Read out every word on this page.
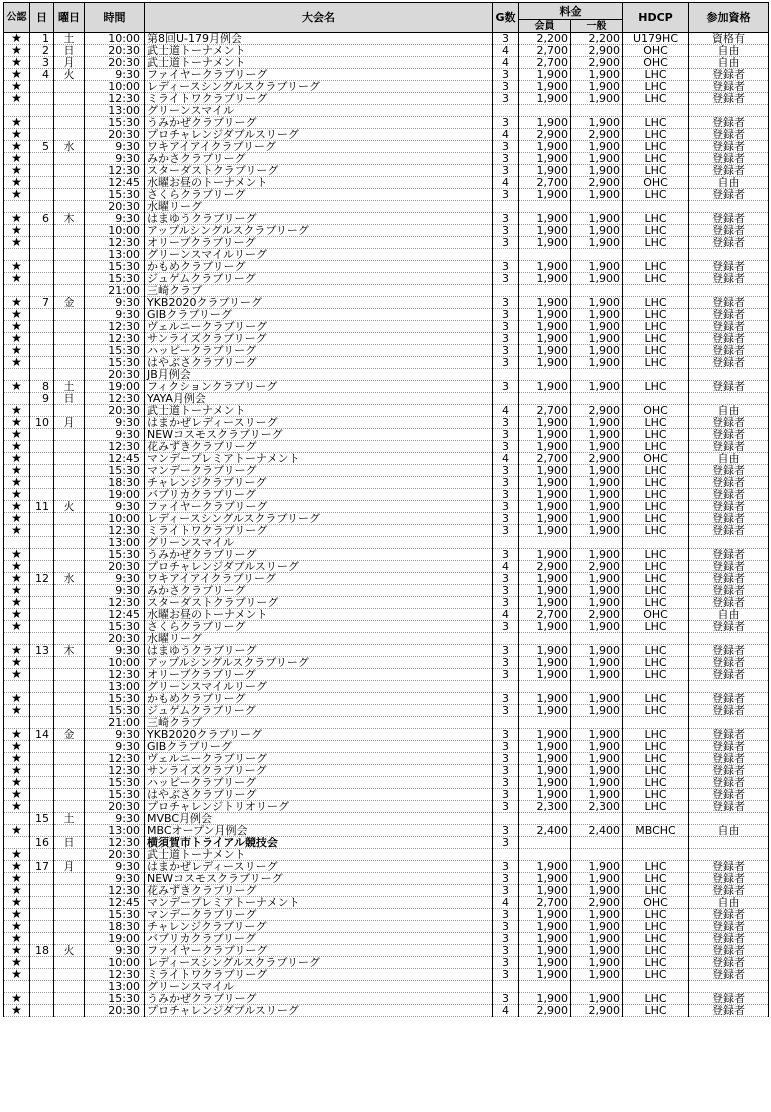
公認	日	曜日	時間	大会名	G数	料金		HDCP	参加資格
						会員	一般		
★	1	土	10:00	第8回U-179月例会	3	2,200	2,200	U179HC	資格有
★	2	日	20:30	武士道トーナメント	4	2,700	2,900	OHC	自由
★	3	月	20:30	武士道トーナメント	4	2,700	2,900	OHC	自由
★	4	火	9:30	ファイヤークラブリーグ	3	1,900	1,900	LHC	登録者
★			10:00	レディースシングルスクラブリーグ	3	1,900	1,900	LHC	登録者
★			12:30	ミライトワクラブリーグ	3	1,900	1,900	LHC	登録者
			13:00	グリーンスマイル					
★			15:30	うみかぜクラブリーグ	3	1,900	1,900	LHC	登録者
★			20:30	プロチャレンジダブルスリーグ	4	2,900	2,900	LHC	登録者
★	5	水	9:30	ワキアイアイクラブリーグ	3	1,900	1,900	LHC	登録者
★			9:30	みかさクラブリーグ	3	1,900	1,900	LHC	登録者
★			12:30	スターダストクラブリーグ	3	1,900	1,900	LHC	登録者
★			12:45	水曜お昼のトーナメント	4	2,700	2,900	OHC	自由
★			15:30	さくらクラブリーグ	3	1,900	1,900	LHC	登録者
			20:30	水曜リーグ					
★	6	木	9:30	はまゆうクラブリーグ	3	1,900	1,900	LHC	登録者
★			10:00	アップルシングルスクラブリーグ	3	1,900	1,900	LHC	登録者
★			12:30	オリーブクラブリーグ	3	1,900	1,900	LHC	登録者
			13:00	グリーンスマイルリーグ					
★			15:30	かもめクラブリーグ	3	1,900	1,900	LHC	登録者
★			15:30	ジュゲムクラブリーグ	3	1,900	1,900	LHC	登録者
			21:00	三崎クラブ					
★	7	金	9:30	YKB2020クラブリーグ	3	1,900	1,900	LHC	登録者
★			9:30	GIBクラブリーグ	3	1,900	1,900	LHC	登録者
★			12:30	ヴェルニークラブリーグ	3	1,900	1,900	LHC	登録者
★			12:30	サンライズクラブリーグ	3	1,900	1,900	LHC	登録者
★			15:30	ハッピークラブリーグ	3	1,900	1,900	LHC	登録者
★			15:30	はやぶさクラブリーグ	3	1,900	1,900	LHC	登録者
			20:30	JB月例会					
★	8	土	19:00	フィクションクラブリーグ	3	1,900	1,900	LHC	登録者
	9	日	12:30	YAYA月例会					
★			20:30	武士道トーナメント	4	2,700	2,900	OHC	自由
★	10	月	9:30	はまかぜレディースリーグ	3	1,900	1,900	LHC	登録者
★			9:30	NEWコスモスクラブリーグ	3	1,900	1,900	LHC	登録者
★			12:30	花みずきクラブリーグ	3	1,900	1,900	LHC	登録者
★			12:45	マンデープレミアトーナメント	4	2,700	2,900	OHC	自由
★			15:30	マンデークラブリーグ	3	1,900	1,900	LHC	登録者
★			18:30	チャレンジクラブリーグ	3	1,900	1,900	LHC	登録者
★			19:00	バブリカクラブリーグ	3	1,900	1,900	LHC	登録者
★	11	火	9:30	ファイヤークラブリーグ	3	1,900	1,900	LHC	登録者
★			10:00	レディースシングルスクラブリーグ	3	1,900	1,900	LHC	登録者
★			12:30	ミライトワクラブリーグ	3	1,900	1,900	LHC	登録者
			13:00	グリーンスマイル					
★			15:30	うみかぜクラブリーグ	3	1,900	1,900	LHC	登録者
★			20:30	プロチャレンジダブルスリーグ	4	2,900	2,900	LHC	登録者
★	12	水	9:30	ワキアイアイクラブリーグ	3	1,900	1,900	LHC	登録者
★			9:30	みかさクラブリーグ	3	1,900	1,900	LHC	登録者
★			12:30	スターダストクラブリーグ	3	1,900	1,900	LHC	登録者
★			12:45	水曜お昼のトーナメント	4	2,700	2,900	OHC	自由
★			15:30	さくらクラブリーグ	3	1,900	1,900	LHC	登録者
			20:30	水曜リーグ					
★	13	木	9:30	はまゆうクラブリーグ	3	1,900	1,900	LHC	登録者
★			10:00	アップルシングルスクラブリーグ	3	1,900	1,900	LHC	登録者
★			12:30	オリーブクラブリーグ	3	1,900	1,900	LHC	登録者
			13:00	グリーンスマイルリーグ					
★			15:30	かもめクラブリーグ	3	1,900	1,900	LHC	登録者
★			15:30	ジュゲムクラブリーグ	3	1,900	1,900	LHC	登録者
			21:00	三崎クラブ					
★	14	金	9:30	YKB2020クラブリーグ	3	1,900	1,900	LHC	登録者
★			9:30	GIBクラブリーグ	3	1,900	1,900	LHC	登録者
★			12:30	ヴェルニークラブリーグ	3	1,900	1,900	LHC	登録者
★			12:30	サンライズクラブリーグ	3	1,900	1,900	LHC	登録者
★			15:30	ハッピークラブリーグ	3	1,900	1,900	LHC	登録者
★			15:30	はやぶさクラブリーグ	3	1,900	1,900	LHC	登録者
★			20:30	プロチャレンジトリオリーグ	3	2,300	2,300	LHC	登録者
	15	土	9:30	MVBC月例会					
★			13:00	MBCオープン月例会	3	2,400	2,400	MBCHC	自由
	16	日	12:30	横須賀市トライアル競技会	3				
★			20:30	武士道トーナメント					
★	17	月	9:30	はまかぜレディースリーグ	3	1,900	1,900	LHC	登録者
★			9:30	NEWコスモスクラブリーグ	3	1,900	1,900	LHC	登録者
★			12:30	花みずきクラブリーグ	3	1,900	1,900	LHC	登録者
★			12:45	マンデープレミアトーナメント	4	2,700	2,900	OHC	自由
★			15:30	マンデークラブリーグ	3	1,900	1,900	LHC	登録者
★			18:30	チャレンジクラブリーグ	3	1,900	1,900	LHC	登録者
★			19:00	バブリカクラブリーグ	3	1,900	1,900	LHC	登録者
★	18	火	9:30	ファイヤークラブリーグ	3	1,900	1,900	LHC	登録者
★			10:00	レディースシングルスクラブリーグ	3	1,900	1,900	LHC	登録者
★			12:30	ミライトワクラブリーグ	3	1,900	1,900	LHC	登録者
			13:00	グリーンスマイル					
★			15:30	うみかぜクラブリーグ	3	1,900	1,900	LHC	登録者
★			20:30	プロチャレンジダブルスリーグ	4	2,900	2,900	LHC	登録者
